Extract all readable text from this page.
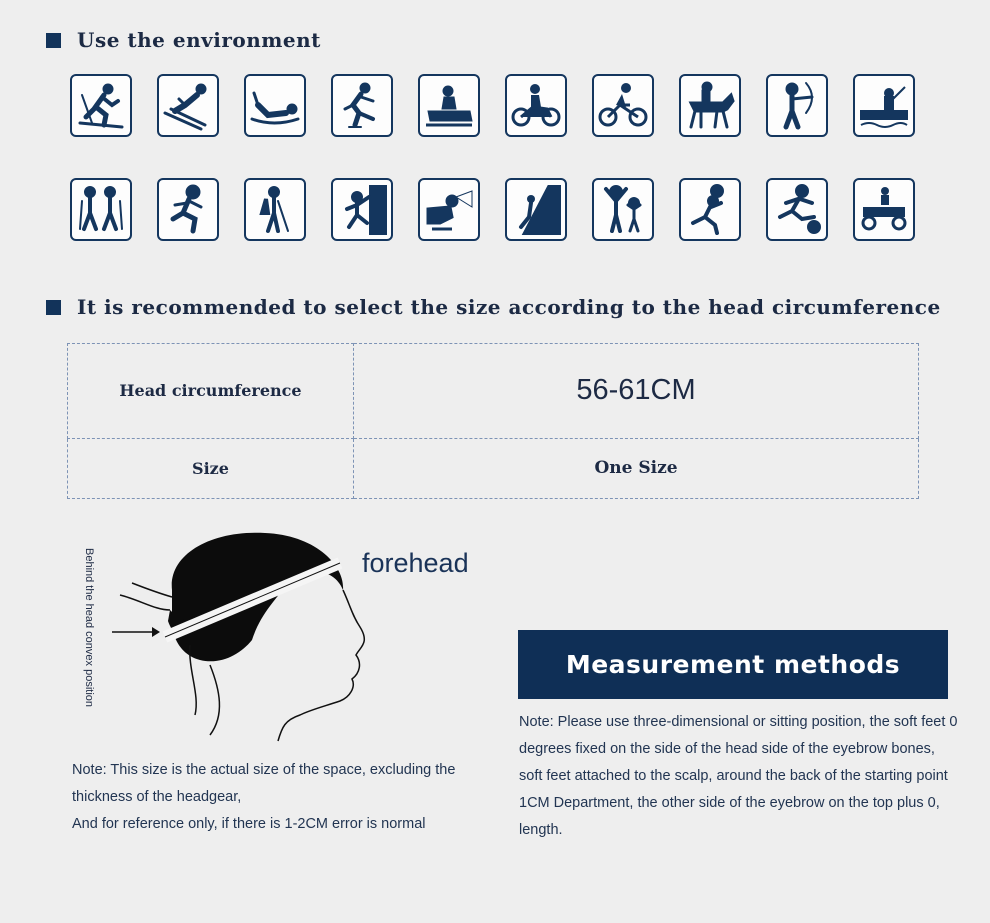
Use the environment
It is recommended to select the size according to the head circumference
Head circumference	56-61CM
Size	One Size
Behind the head convex position	forehead
Note: This size is the actual size of the space, excluding the thickness of the headgear,
And for reference only, if there is 1-2CM error is normal
Measurement methods
Note: Please use three-dimensional or sitting position, the soft feet 0 degrees fixed on the side of the head side of the eyebrow bones, soft feet attached to the scalp, around the back of the starting point 1CM Department, the other side of the eyebrow on the top plus 0, length.
